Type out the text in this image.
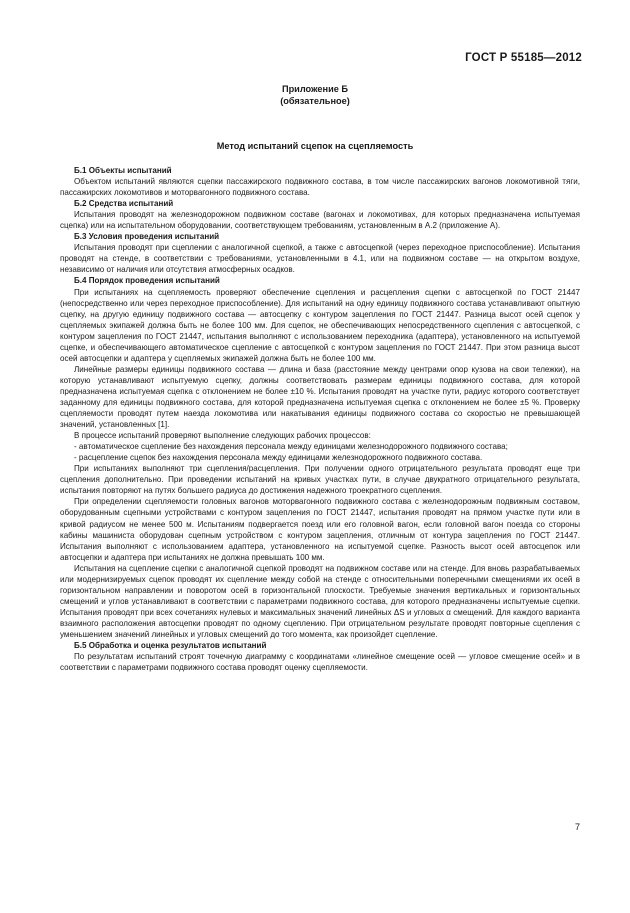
ГОСТ Р 55185—2012
Приложение Б
(обязательное)
Метод испытаний сцепок на сцепляемость
Б.1 Объекты испытаний

Объектом испытаний являются сцепки пассажирского подвижного состава, в том числе пассажирских вагонов локомотивной тяги, пассажирских локомотивов и моторвагонного подвижного состава.

Б.2 Средства испытаний

Испытания проводят на железнодорожном подвижном составе (вагонах и локомотивах, для которых предназначена испытуемая сцепка) или на испытательном оборудовании, соответствующем требованиям, установленным в А.2 (приложение А).

Б.3 Условия проведения испытаний

Испытания проводят при сцеплении с аналогичной сцепкой, а также с автосцепкой (через переходное приспособление). Испытания проводят на стенде, в соответствии с требованиями, установленными в 4.1, или на подвижном составе — на открытом воздухе, независимо от наличия или отсутствия атмосферных осадков.

Б.4 Порядок проведения испытаний

При испытаниях на сцепляемость проверяют обеспечение сцепления и расцепления сцепки с автосцепкой по ГОСТ 21447 (непосредственно или через переходное приспособление). Для испытаний на одну единицу подвижного состава устанавливают опытную сцепку, на другую единицу подвижного состава — автосцепку с контуром зацепления по ГОСТ 21447. Разница высот осей сцепок у сцепляемых экипажей должна быть не более 100 мм. Для сцепок, не обеспечивающих непосредственного сцепления с автосцепкой, с контуром зацепления по ГОСТ 21447, испытания выполняют с использованием переходника (адаптера), установленного на испытуемой сцепке, и обеспечивающего автоматическое сцепление с автосцепкой с контуром зацепления по ГОСТ 21447. При этом разница высот осей автосцепки и адаптера у сцепляемых экипажей должна быть не более 100 мм.

Линейные размеры единицы подвижного состава — длина и база (расстояние между центрами опор кузова на свои тележки), на которую устанавливают испытуемую сцепку, должны соответствовать размерам единицы подвижного состава, для которой предназначена испытуемая сцепка с отклонением не более ±10 %. Испытания проводят на участке пути, радиус которого соответствует заданному для единицы подвижного состава, для которой предназначена испытуемая сцепка с отклонением не более ±5 %. Проверку сцепляемости проводят путем наезда локомотива или накатывания единицы подвижного состава со скоростью не превышающей значений, установленных [1].

В процессе испытаний проверяют выполнение следующих рабочих процессов:

- автоматическое сцепление без нахождения персонала между единицами железнодорожного подвижного состава;

- расцепление сцепок без нахождения персонала между единицами железнодорожного подвижного состава.

При испытаниях выполняют три сцепления/расцепления. При получении одного отрицательного результата проводят еще три сцепления дополнительно. При проведении испытаний на кривых участках пути, в случае двукратного отрицательного результата, испытания повторяют на путях большего радиуса до достижения надежного троекратного сцепления.

При определении сцепляемости головных вагонов моторвагонного подвижного состава с железнодорожным подвижным составом, оборудованным сцепными устройствами с контуром зацепления по ГОСТ 21447, испытания проводят на прямом участке пути или в кривой радиусом не менее 500 м. Испытаниям подвергается поезд или его головной вагон, если головной вагон поезда со стороны кабины машиниста оборудован сцепным устройством с контуром зацепления, отличным от контура зацепления по ГОСТ 21447. Испытания выполняют с использованием адаптера, установленного на испытуемой сцепке. Разность высот осей автосцепок или автосцепки и адаптера при испытаниях не должна превышать 100 мм.

Испытания на сцепление сцепки с аналогичной сцепкой проводят на подвижном составе или на стенде. Для вновь разрабатываемых или модернизируемых сцепок проводят их сцепление между собой на стенде с относительными поперечными смещениями их осей в горизонтальном направлении и поворотом осей в горизонтальной плоскости. Требуемые значения вертикальных и горизонтальных смещений и углов устанавливают в соответствии с параметрами подвижного состава, для которого предназначены испытуемые сцепки. Испытания проводят при всех сочетаниях нулевых и максимальных значений линейных ΔS и угловых α смещений. Для каждого варианта взаимного расположения автосцепки проводят по одному сцеплению. При отрицательном результате проводят повторные сцепления с уменьшением значений линейных и угловых смещений до того момента, как произойдет сцепление.

Б.5 Обработка и оценка результатов испытаний

По результатам испытаний строят точечную диаграмму с координатами «линейное смещение осей — угловое смещение осей» и в соответствии с параметрами подвижного состава проводят оценку сцепляемости.

7
